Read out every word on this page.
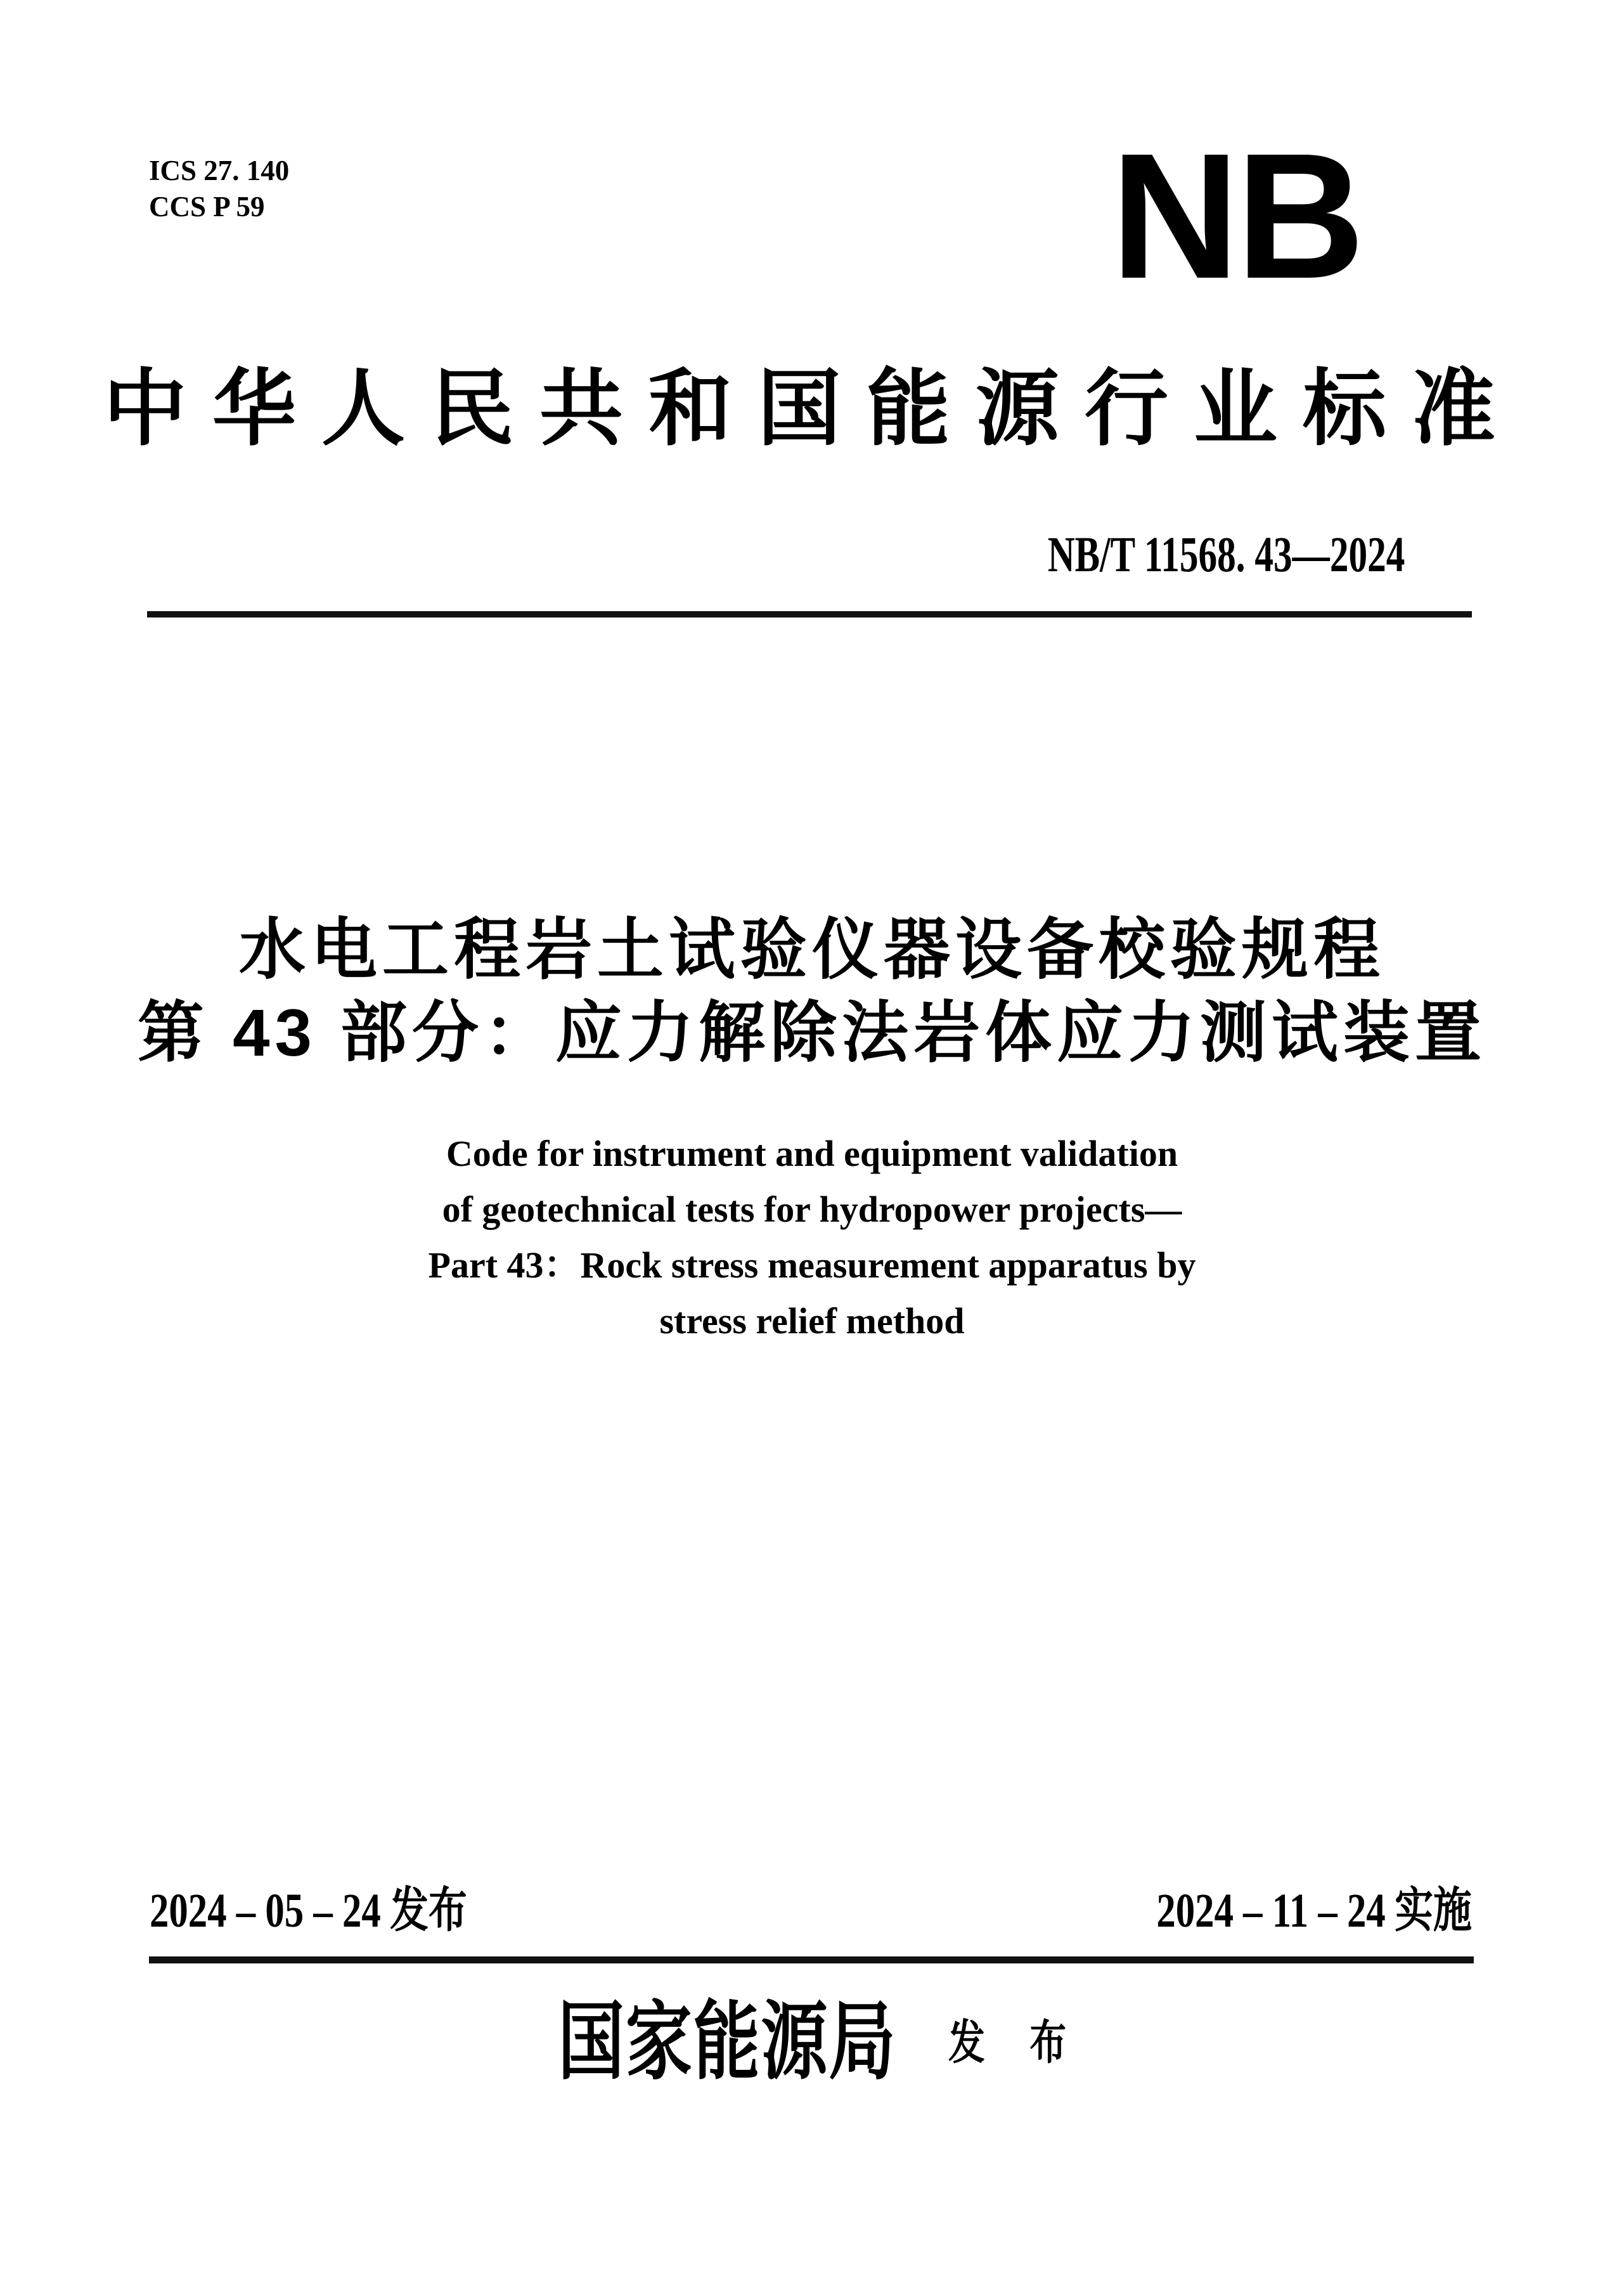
ICS 27. 140
CCS P 59	NB
中华人民共和国能源行业标准
NB/T 11568. 43—2024
水电工程岩土试验仪器设备校验规程
第 43 部分：应力解除法岩体应力测试装置
Code for instrument and equipment validation
of geotechnical tests for hydropower projects—
Part 43：Rock stress measurement apparatus by
stress relief method
2024 – 05 – 24 发布	2024 – 11 – 24 实施
国家能源局 发 布
